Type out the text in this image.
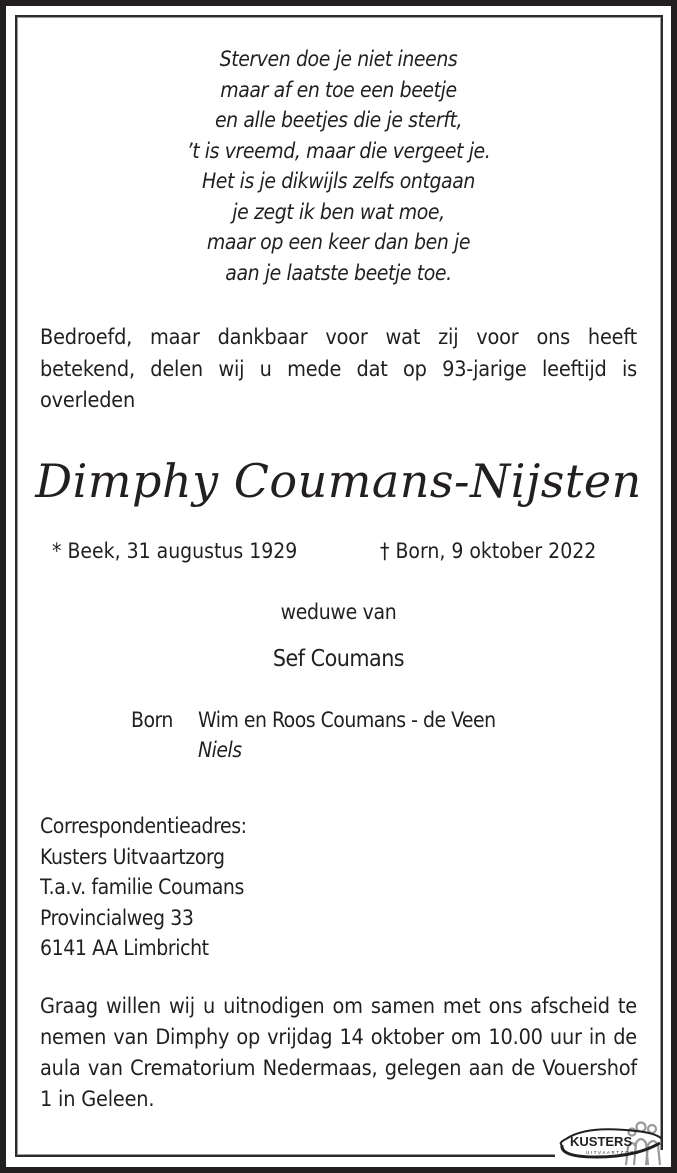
Sterven doe je niet ineens
maar af en toe een beetje
en alle beetjes die je sterft,
’t is vreemd, maar die vergeet je.
Het is je dikwijls zelfs ontgaan
je zegt ik ben wat moe,
maar op een keer dan ben je
aan je laatste beetje toe.
Bedroefd, maar dankbaar voor wat zij voor ons heeft betekend, delen wij u mede dat op 93-jarige leeftijd is overleden
Dimphy Coumans-Nijsten
* Beek, 31 augustus 1929	† Born, 9 oktober 2022
weduwe van
Sef Coumans
Born Wim en Roos Coumans - de Veen
Niels
Correspondentieadres:
Kusters Uitvaartzorg
T.a.v. familie Coumans
Provincialweg 33
6141 AA Limbricht
Graag willen wij u uitnodigen om samen met ons afscheid te nemen van Dimphy op vrijdag 14 oktober om 10.00 uur in de aula van Crematorium Nedermaas, gelegen aan de Vouershof 1 in Geleen.
KUSTERS
UITVAARTZORG
